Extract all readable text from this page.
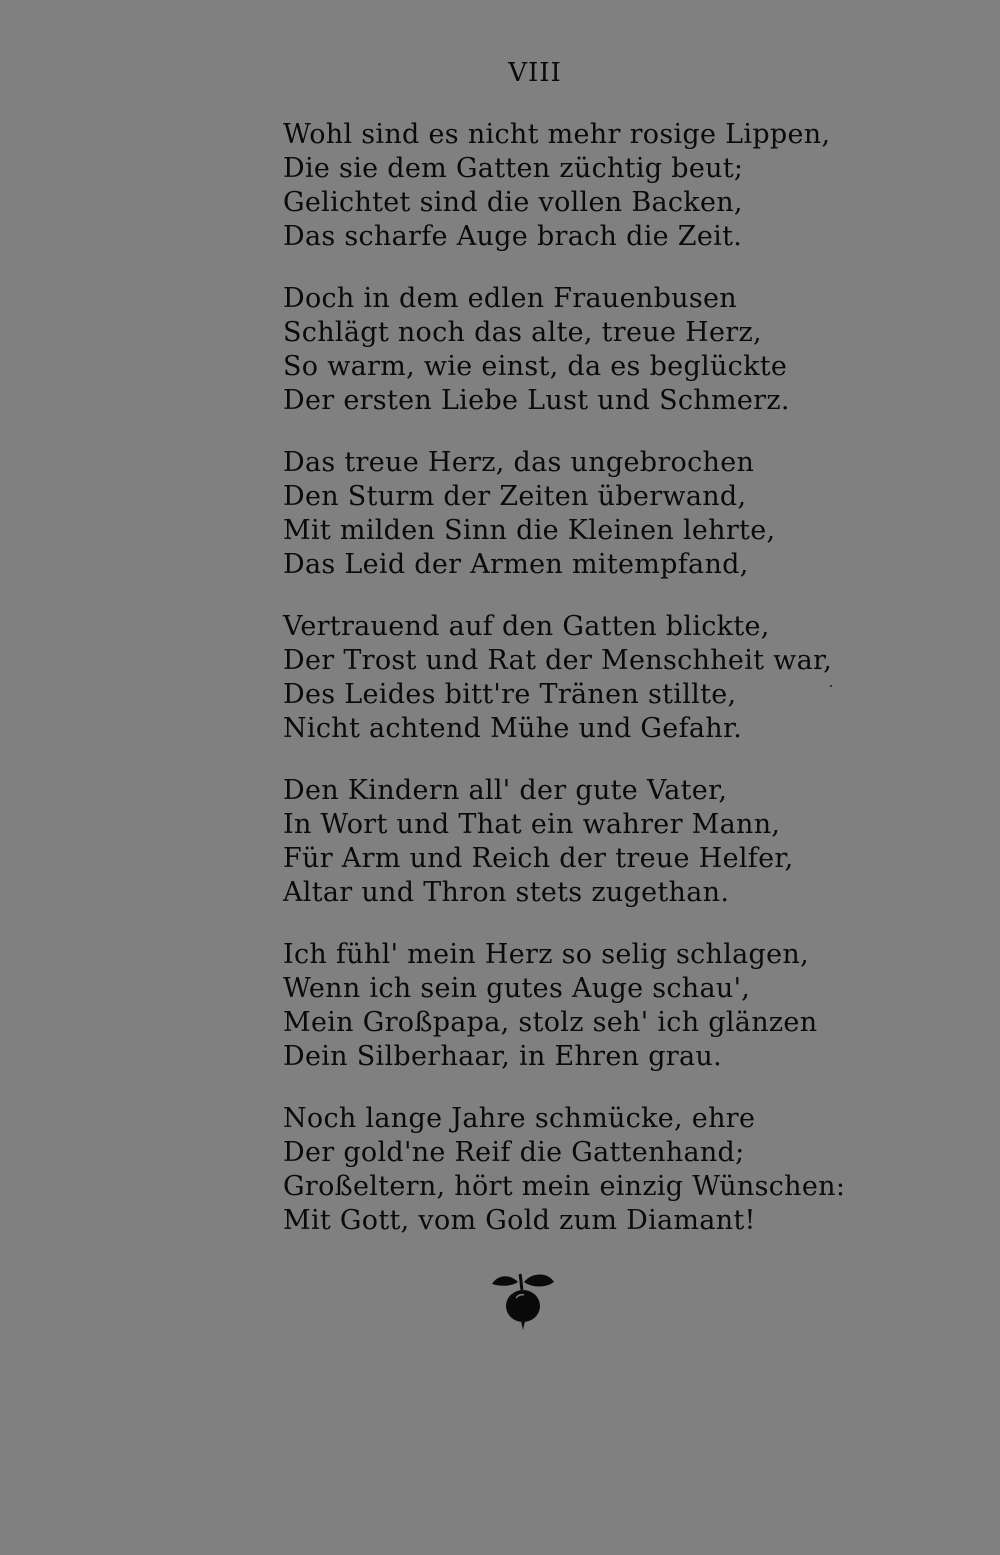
VIII
Wohl sind es nicht mehr rosige Lippen,
Die sie dem Gatten züchtig beut;
Gelichtet sind die vollen Backen,
Das scharfe Auge brach die Zeit.
Doch in dem edlen Frauenbusen
Schlägt noch das alte, treue Herz,
So warm, wie einst, da es beglückte
Der ersten Liebe Lust und Schmerz.
Das treue Herz, das ungebrochen
Den Sturm der Zeiten überwand,
Mit milden Sinn die Kleinen lehrte,
Das Leid der Armen mitempfand,
Vertrauend auf den Gatten blickte,
Der Trost und Rat der Menschheit war,
Des Leides bitt're Tränen stillte,
Nicht achtend Mühe und Gefahr.
Den Kindern all' der gute Vater,
In Wort und That ein wahrer Mann,
Für Arm und Reich der treue Helfer,
Altar und Thron stets zugethan.
Ich fühl' mein Herz so selig schlagen,
Wenn ich sein gutes Auge schau',
Mein Großpapa, stolz seh' ich glänzen
Dein Silberhaar, in Ehren grau.
Noch lange Jahre schmücke, ehre
Der gold'ne Reif die Gattenhand;
Großeltern, hört mein einzig Wünschen:
Mit Gott, vom Gold zum Diamant!
